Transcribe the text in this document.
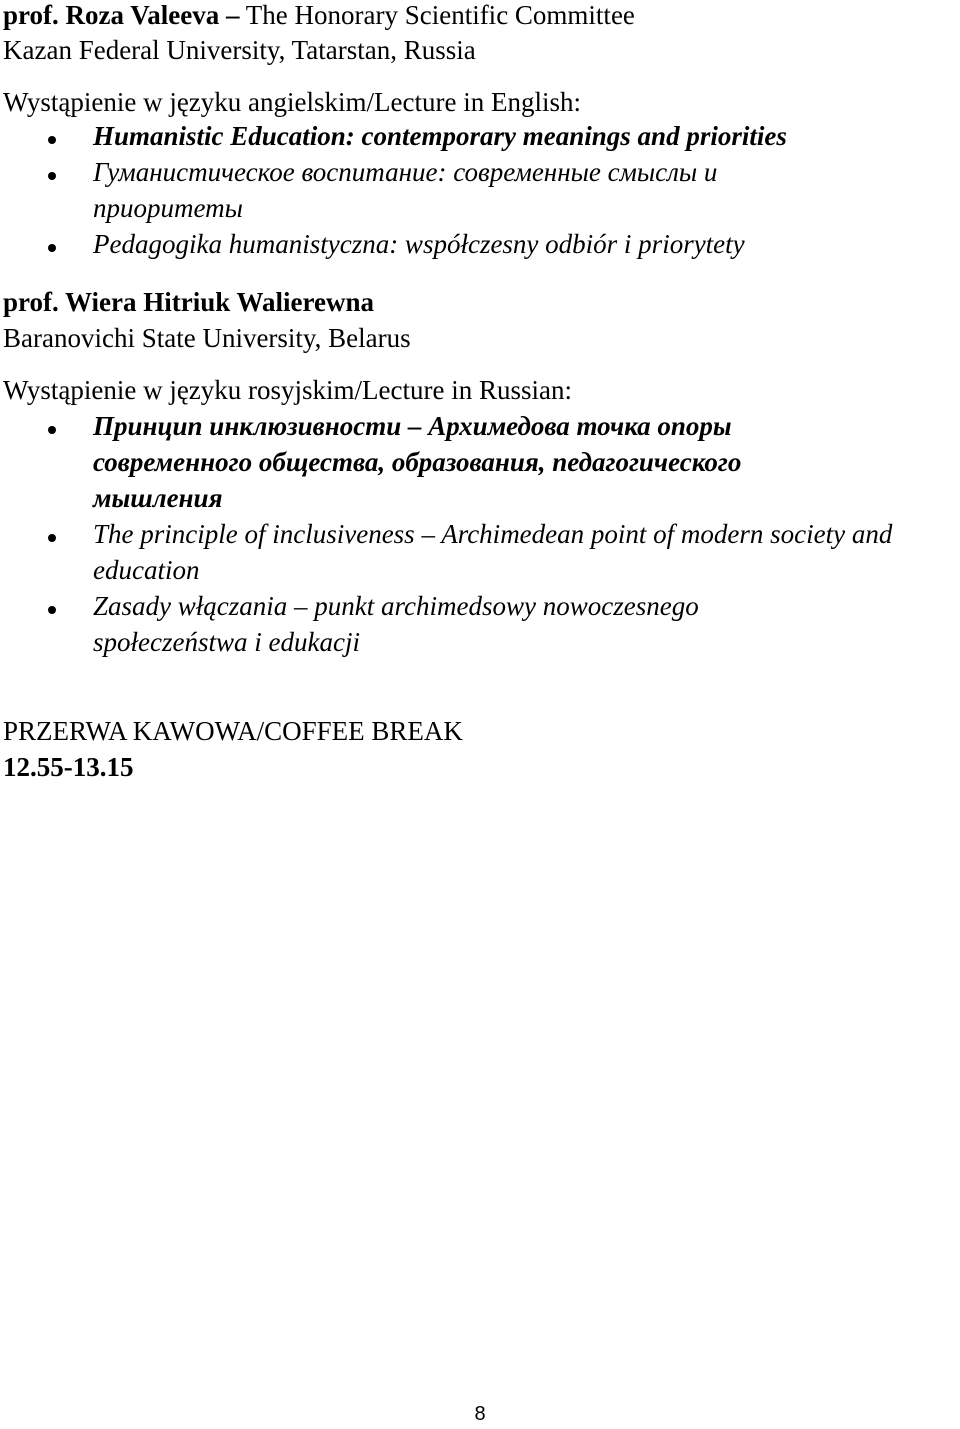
prof. Roza Valeeva – The Honorary Scientific Committee
Kazan Federal University, Tatarstan, Russia
Wystąpienie w języku angielskim/Lecture in English:
Humanistic Education: contemporary meanings and priorities
Гуманистическое воспитание: современные смыслы и приоритеты
Pedagogika humanistyczna: współczesny odbiór i priorytety
prof. Wiera Hitriuk Walierewna
Baranovichi State University, Belarus
Wystąpienie w języku rosyjskim/Lecture in Russian:
Принцип инклюзивности – Архимедова точка опоры современного общества, образования, педагогического мышления
The principle of inclusiveness – Archimedean point of modern society and education
Zasady włączania – punkt archimedsowy nowoczesnego społeczeństwa i edukacji
PRZERWA KAWOWA/COFFEE BREAK
12.55-13.15
8
